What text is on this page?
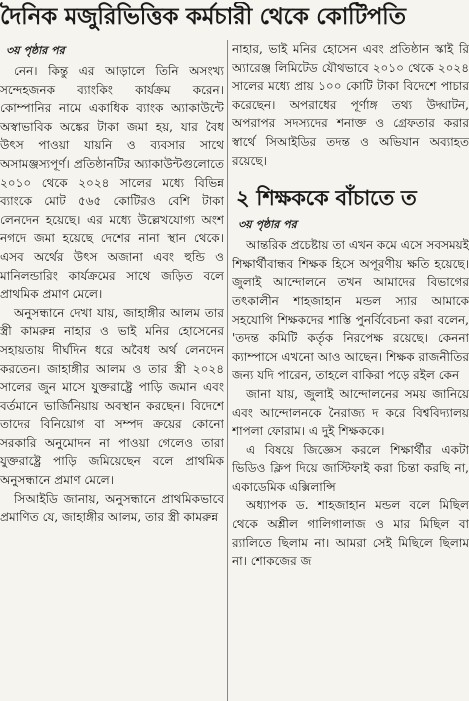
দৈনিক মজুরিভিত্তিক কর্মচারী থেকে কোটিপতি
৩য় পৃষ্ঠার পর

নেন। কিন্তু এর আড়ালে তিনি অসংখ্য সন্দেহজনক ব্যাংকিং কার্যক্রম করেন। কোম্পানির নামে একাধিক ব্যাংক অ্যাকাউন্টে অস্বাভাবিক অঙ্কের টাকা জমা হয়, যার বৈধ উৎস পাওয়া যায়নি ও ব্যবসার সাথে অসামঞ্জস্যপূর্ণ। প্রতিষ্ঠানটির অ্যাকাউন্টগুলোতে ২০১০ থেকে ২০২৪ সালের মধ্যে বিভিন্ন ব্যাংকে মোট ৫৬৫ কোটিরও বেশি টাকা লেনদেন হয়েছে। এর মধ্যে উল্লেখযোগ্য অংশ নগদে জমা হয়েছে দেশের নানা স্থান থেকে। এসব অর্থের উৎস অজানা এবং হুন্ডি ও মানিলন্ডারিং কার্যক্রমের সাথে জড়িত বলে প্রাথমিক প্রমাণ মেলে।

অনুসন্ধানে দেখা যায়, জাহাঙ্গীর আলম তার স্ত্রী কামরুন্ন নাহার ও ভাই মনির হোসেনের সহায়তায় দীর্ঘদিন ধরে অবৈধ অর্থ লেনদেন করতেন। জাহাঙ্গীর আলম ও তার স্ত্রী ২০২৪ সালের জুন মাসে যুক্তরাষ্ট্রে পাড়ি জমান এবং বর্তমানে ভার্জিনিয়ায় অবস্থান করছেন। বিদেশে তাদের বিনিয়োগ বা সম্পদ ক্রয়ের কোনো সরকারি অনুমোদন না পাওয়া গেলেও তারা যুক্তরাষ্ট্রে পাড়ি জমিয়েছেন বলে প্রাথমিক অনুসন্ধানে প্রমাণ মেলে।

সিআইডি জানায়, অনুসন্ধানে প্রাথমিকভাবে প্রমাণিত যে, জাহাঙ্গীর আলম, তার স্ত্রী কামরুন্ন

নাহার, ভাই মনির হোসেন এবং প্রতিষ্ঠান স্কাই রি অ্যারেঞ্জ লিমিটেড যৌথভাবে ২০১০ থেকে ২০২৪ সালের মধ্যে প্রায় ১০০ কোটি টাকা বিদেশে পাচার করেছেন। অপরাধের পূর্ণাঙ্গ তথ্য উদ্ঘাটন, অপরাপর সদস্যদের শনাক্ত ও গ্রেফতার করার স্বার্থে সিআইডির তদন্ত ও অভিযান অব্যাহত রয়েছে।

২ শিক্ষককে বাঁচাতে ত
৩য় পৃষ্ঠার পর

আন্তরিক প্রচেষ্টায় তা এখন কমে এসে সবসময়ই শিক্ষার্থীবান্ধব শিক্ষক হিসে অপূরণীয় ক্ষতি হয়েছে। জুলাই আন্দোলনে তখন আমাদের বিভাগের তৎকালীন শাহজাহান মন্ডল স্যার আমাকে সহযোগি শিক্ষকদের শাস্তি পুনর্বিবেচনা করা বলেন, 'তদন্ত কমিটি কর্তৃক নিরপেক্ষ রয়েছে। কেননা ক্যাম্পাসে এখনো আও আছেন। শিক্ষক রাজনীতির জন্য যদি পারেন, তাহলে বাকিরা পড়ে রইল কেন

জানা যায়, জুলাই আন্দোলনের সময় জানিয়ে এবং আন্দোলনকে নৈরাজ্য দ করে বিশ্ববিদ্যালয় শাপলা ফোরাম। এ দুই শিক্ষককে।

এ বিষয়ে জিজ্ঞেস করলে শিক্ষার্থীর একটা ভিডিও ক্লিপ দিয়ে জাস্টিফাই করা চিন্তা করছি না, একাডেমিক এক্সিলান্সি

অধ্যাপক ড. শাহজাহান মন্ডল বলে মিছিল থেকে অশ্লীল গালিগালাজ ও মার মিছিল বা র‍্যালিতে ছিলাম না। আমরা সেই মিছিলে ছিলাম না। শোকজের জ
